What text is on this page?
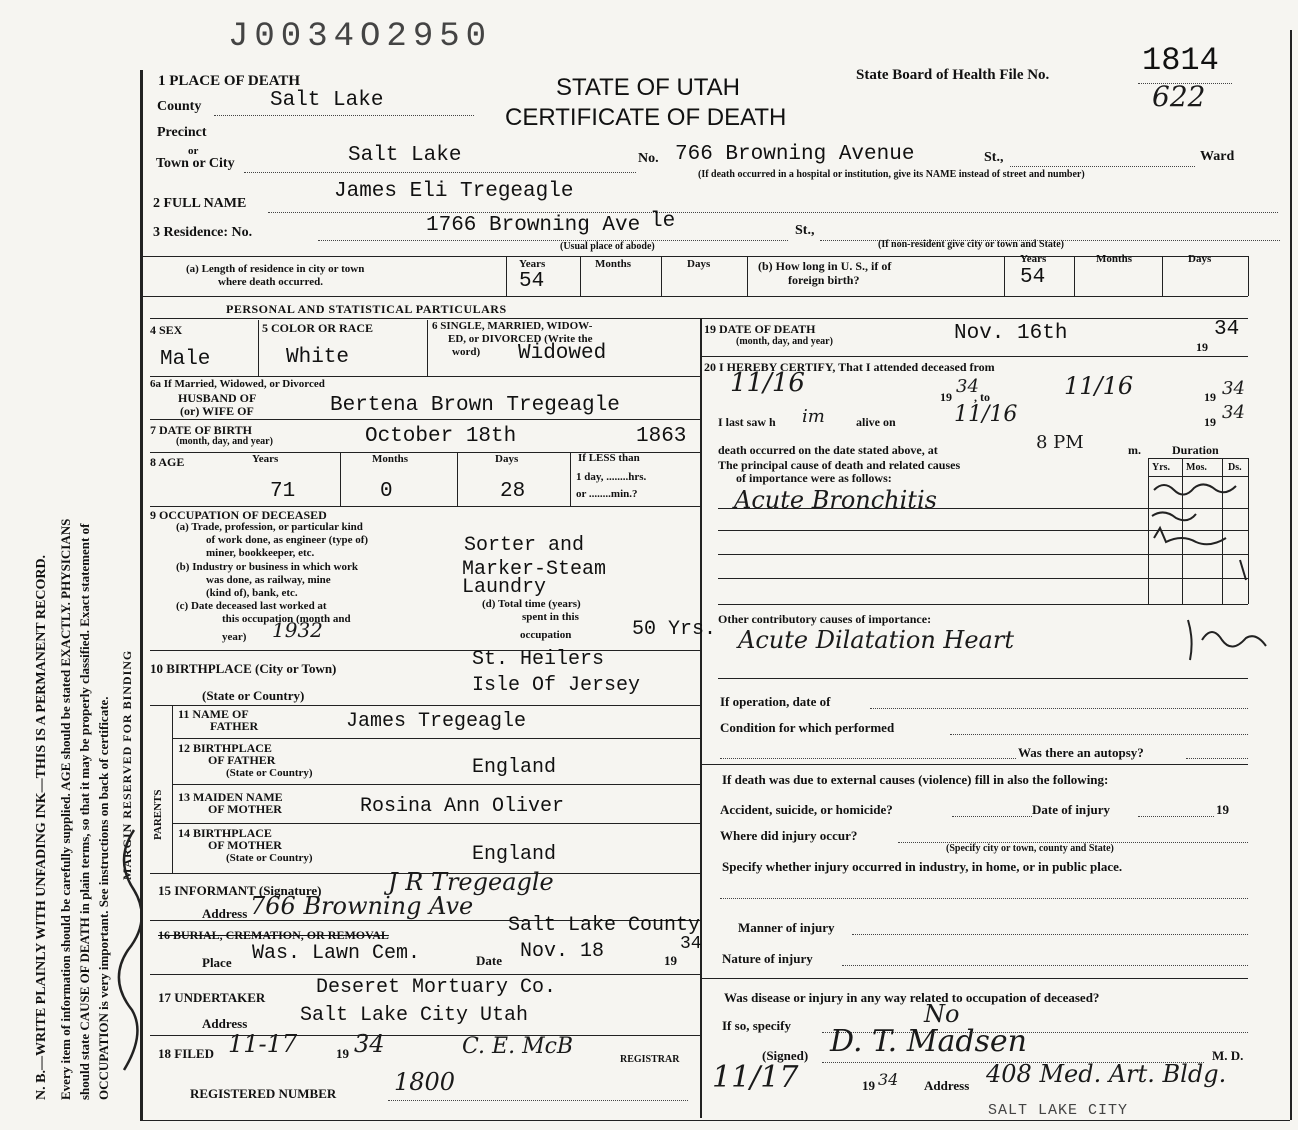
N. B.—WRITE PLAINLY WITH UNFADING INK—THIS IS A PERMANENT RECORD. Every item of information should be carefully supplied. AGE should be stated EXACTLY. PHYSICIANS should state CAUSE OF DEATH in plain terms, so that it may be properly classified. Exact statement of OCCUPATION is very important. See instructions on back of certificate. MARGIN RESERVED FOR BINDING
J0034O2950
STATE OF UTAH
CERTIFICATE OF DEATH
State Board of Health File No.	1814
622
1 PLACE OF DEATH
County	Salt Lake
Precinct
or
Town or City	Salt Lake	No. 766 Browning Avenue	St.,	Ward
(If death occurred in a hospital or institution, give its NAME instead of street and number)
2 FULL NAME
James Eli Tregeagle
3 Residence: No.	1766 Browning Ave le	St.,
(Usual place of abode)	(If non-resident give city or town and State)
(a) Length of residence in city or town
where death occurred.
Years	Months	Days
54
(b) How long in U. S., if of
foreign birth?
Years	Months	Days
54
PERSONAL AND STATISTICAL PARTICULARS
4 SEX	5 COLOR OR RACE	6 SINGLE, MARRIED, WIDOW-
ED, or DIVORCED (Write the
word)
Male	White	Widowed
6a If Married, Widowed, or Divorced
HUSBAND OF
(or) WIFE OF	Bertena Brown Tregeagle
7 DATE OF BIRTH
(month, day, and year)	October 18th	1863
8 AGE	Years	Months	Days	If LESS than
1 day, ........hrs.
or ........min.?
71	0	28
9 OCCUPATION OF DECEASED
(a) Trade, profession, or particular kind
of work done, as engineer (type of)
miner, bookkeeper, etc.	Sorter and
(b) Industry or business in which work
was done, as railway, mine
(kind of), bank, etc.
Marker-Steam
Laundry
(c) Date deceased last worked at
this occupation (month and
year) 1932
(d) Total time (years)
spent in this
occupation	50 Yrs.
10 BIRTHPLACE (City or Town)	St. Heilers
(State or Country)	Isle Of Jersey
PARENTS
11 NAME OF
FATHER	James Tregeagle
12 BIRTHPLACE
OF FATHER
(State or Country)	England
13 MAIDEN NAME
OF MOTHER	Rosina Ann Oliver
14 BIRTHPLACE
OF MOTHER
(State or Country)	England
15 INFORMANT (Signature)	J R Tregeagle
Address 766 Browning Ave
16 BURIAL, CREMATION, OR REMOVAL	Salt Lake County
Place Was. Lawn Cem.	Date Nov. 18	19
34
17 UNDERTAKER	Deseret Mortuary Co.
Address	Salt Lake City Utah
18 FILED 11-17	19 34	C. E. McB
REGISTRAR
REGISTERED NUMBER 1800
19 DATE OF DEATH
(month, day, and year)	Nov. 16th
19
34
20 I HEREBY CERTIFY, That I attended deceased from
11/16	19 34
, to	11/16	19 34
I last saw h im	alive on	11/16	19 34
death occurred on the date stated above, at	8 PM	m.	Duration
The principal cause of death and related causes
of importance were as follows:
Yrs. Mos. Ds.
Acute Bronchitis
Other contributory causes of importance:
Acute Dilatation Heart
If operation, date of
Condition for which performed
Was there an autopsy?
If death was due to external causes (violence) fill in also the following:
Accident, suicide, or homicide?	Date of injury	19
Where did injury occur?
(Specify city or town, county and State)
Specify whether injury occurred in industry, in home, or in public place.
Manner of injury
Nature of injury
Was disease or injury in any way related to occupation of deceased?
No
If so, specify
(Signed) D. T. Madsen	M. D.
11/17	19 34 Address 408 Med. Art. Bldg.
SALT LAKE CITY
